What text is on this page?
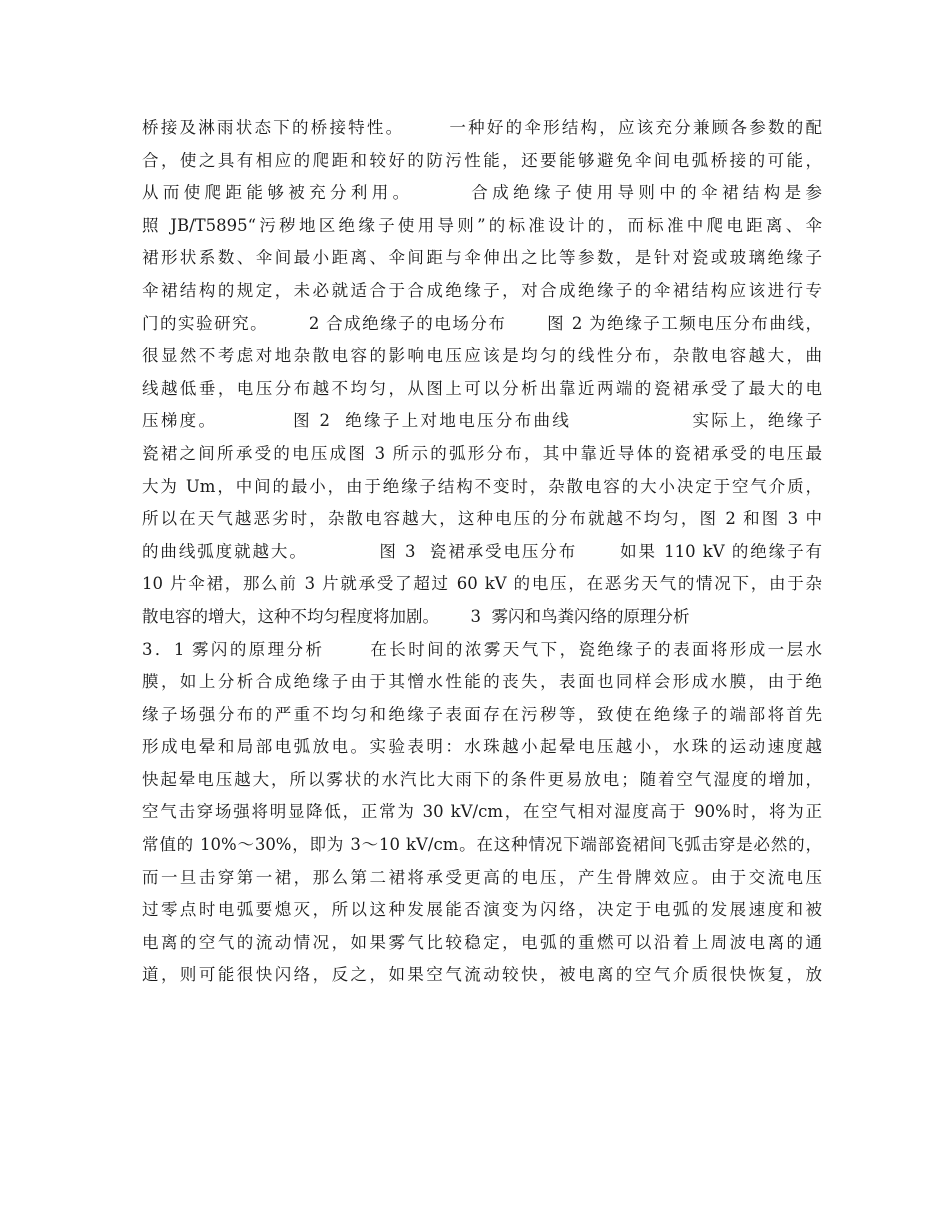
桥接及淋雨状态下的桥接特性。      一种好的伞形结构，应该充分兼顾各参数的配
合，使之具有相应的爬距和较好的防污性能，还要能够避免伞间电弧桥接的可能，
从而使爬距能够被充分利用。      合成绝缘子使用导则中的伞裙结构是参
照 JB/T5895“污秽地区绝缘子使用导则”的标准设计的，而标准中爬电距离、伞
裙形状系数、伞间最小距离、伞间距与伞伸出之比等参数，是针对瓷或玻璃绝缘子
伞裙结构的规定，未必就适合于合成绝缘子，对合成绝缘子的伞裙结构应该进行专
门的实验研究。      2 合成绝缘子的电场分布      图 2 为绝缘子工频电压分布曲线，
很显然不考虑对地杂散电容的影响电压应该是均匀的线性分布，杂散电容越大，曲
线越低垂，电压分布越不均匀，从图上可以分析出靠近两端的瓷裙承受了最大的电
压梯度。          图 2  绝缘子上对地电压分布曲线                实际上，绝缘子
瓷裙之间所承受的电压成图 3 所示的弧形分布，其中靠近导体的瓷裙承受的电压最
大为 Um，中间的最小，由于绝缘子结构不变时，杂散电容的大小决定于空气介质，
所以在天气越恶劣时，杂散电容越大，这种电压的分布就越不均匀，图 2 和图 3 中
的曲线弧度就越大。          图 3  瓷裙承受电压分布      如果 110 kV 的绝缘子有
10 片伞裙，那么前 3 片就承受了超过 60 kV 的电压，在恶劣天气的情况下，由于杂
散电容的增大，这种不均匀程度将加剧。      3  雾闪和鸟粪闪络的原理分析
3．1 雾闪的原理分析      在长时间的浓雾天气下，瓷绝缘子的表面将形成一层水
膜，如上分析合成绝缘子由于其憎水性能的丧失，表面也同样会形成水膜，由于绝
缘子场强分布的严重不均匀和绝缘子表面存在污秽等，致使在绝缘子的端部将首先
形成电晕和局部电弧放电。实验表明：水珠越小起晕电压越小，水珠的运动速度越
快起晕电压越大，所以雾状的水汽比大雨下的条件更易放电；随着空气湿度的增加，
空气击穿场强将明显降低，正常为 30 kV/cm，在空气相对湿度高于 90%时，将为正
常值的 10%～30%，即为 3～10 kV/cm。在这种情况下端部瓷裙间飞弧击穿是必然的，
而一旦击穿第一裙，那么第二裙将承受更高的电压，产生骨牌效应。由于交流电压
过零点时电弧要熄灭，所以这种发展能否演变为闪络，决定于电弧的发展速度和被
电离的空气的流动情况，如果雾气比较稳定，电弧的重燃可以沿着上周波电离的通
道，则可能很快闪络，反之，如果空气流动较快，被电离的空气介质很快恢复，放
